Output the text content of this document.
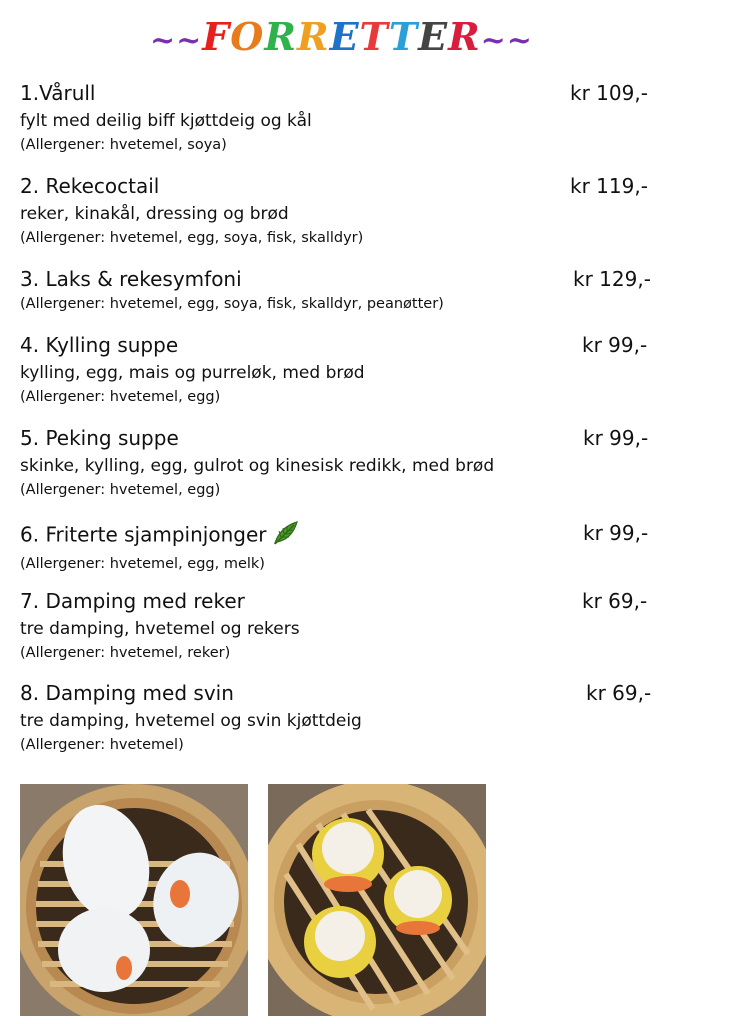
~~FORRETTER~~
1.Vårull	kr 109,-
fylt med deilig biff kjøttdeig og kål
(Allergener: hvetemel, soya)
2. Rekecoctail	kr 119,-
reker, kinakål, dressing og brød
(Allergener: hvetemel, egg, soya, fisk, skalldyr)
3. Laks & rekesymfoni	kr 129,-
(Allergener: hvetemel, egg, soya, fisk, skalldyr, peanøtter)
4. Kylling suppe	kr 99,-
kylling, egg, mais og purreløk, med brød
(Allergener: hvetemel, egg)
5. Peking suppe	kr 99,-
skinke, kylling, egg, gulrot og kinesisk redikk, med brød
(Allergener: hvetemel, egg)
6. Friterte sjampinjonger	kr 99,-
(Allergener: hvetemel, egg, melk)
7. Damping med reker	kr 69,-
tre damping, hvetemel og rekers
(Allergener: hvetemel, reker)
8. Damping med svin	kr 69,-
tre damping, hvetemel og svin kjøttdeig
(Allergener: hvetemel)
